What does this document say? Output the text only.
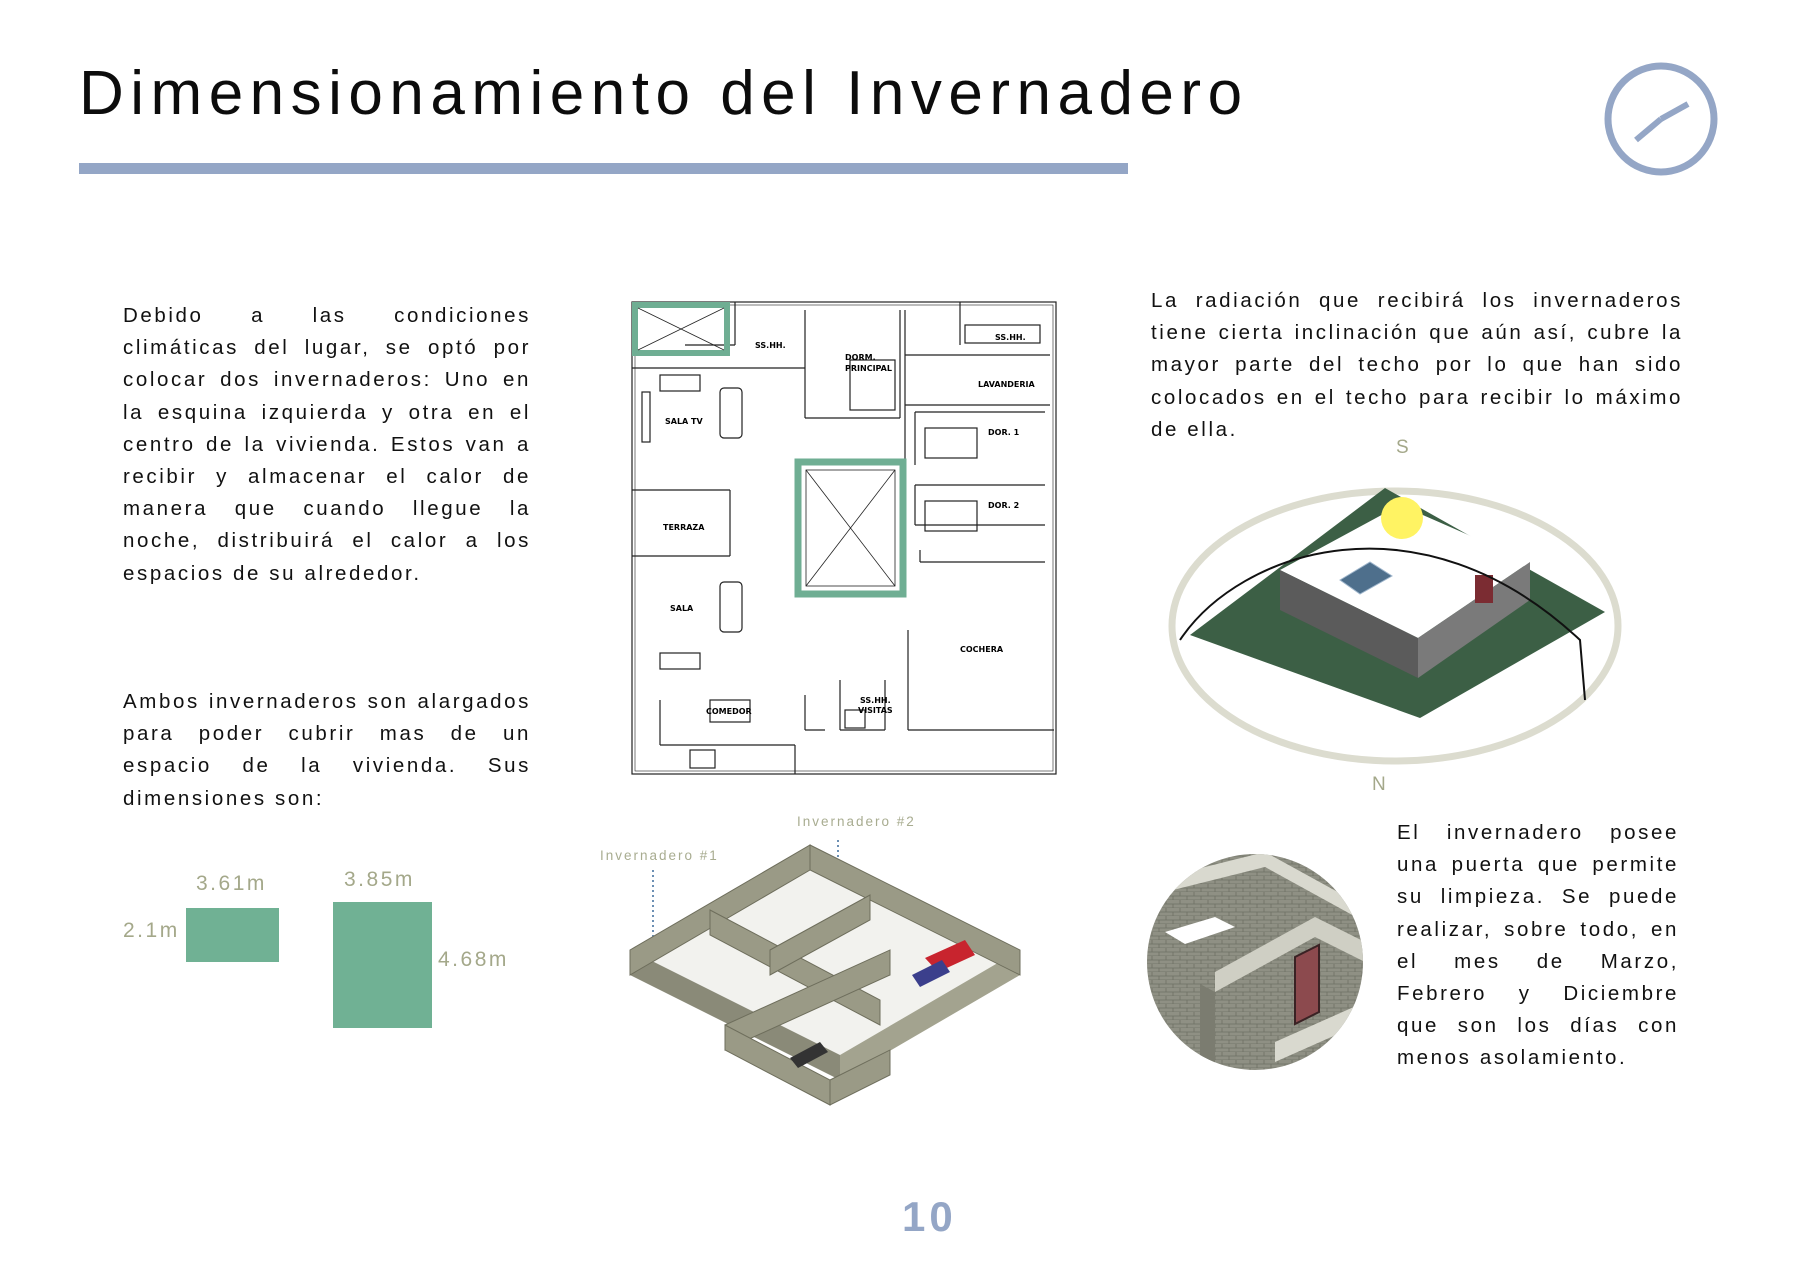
Dimensionamiento del Invernadero
Debido a las condiciones climáticas del lugar, se optó por colocar dos invernaderos: Uno en la esquina izquierda y otra en el centro de la vivienda. Estos van a recibir y almacenar el calor de manera que cuando llegue la noche, distribuirá el calor a los espacios de su alrededor.
Ambos invernaderos son alargados para poder cubrir mas de un espacio de la vivienda. Sus dimensiones son:
3.61m
2.1m
3.85m
4.68m
SS.HH.
DORM.
PRINCIPAL
SS.HH.
LAVANDERIA
SALA TV
DOR. 1
DOR. 2
TERRAZA
SALA
COCHERA
COMEDOR
SS.HH.
VISITAS
La radiación que recibirá los invernaderos tiene cierta inclinación que aún así, cubre la mayor parte del techo por lo que han sido colocados en el techo para recibir lo máximo de ella.
S
N
Invernadero #2
Invernadero #1
El invernadero posee una puerta que permite su limpieza. Se puede realizar, sobre todo, en el mes de Marzo, Febrero y Diciembre que son los días con menos asolamiento.
10
